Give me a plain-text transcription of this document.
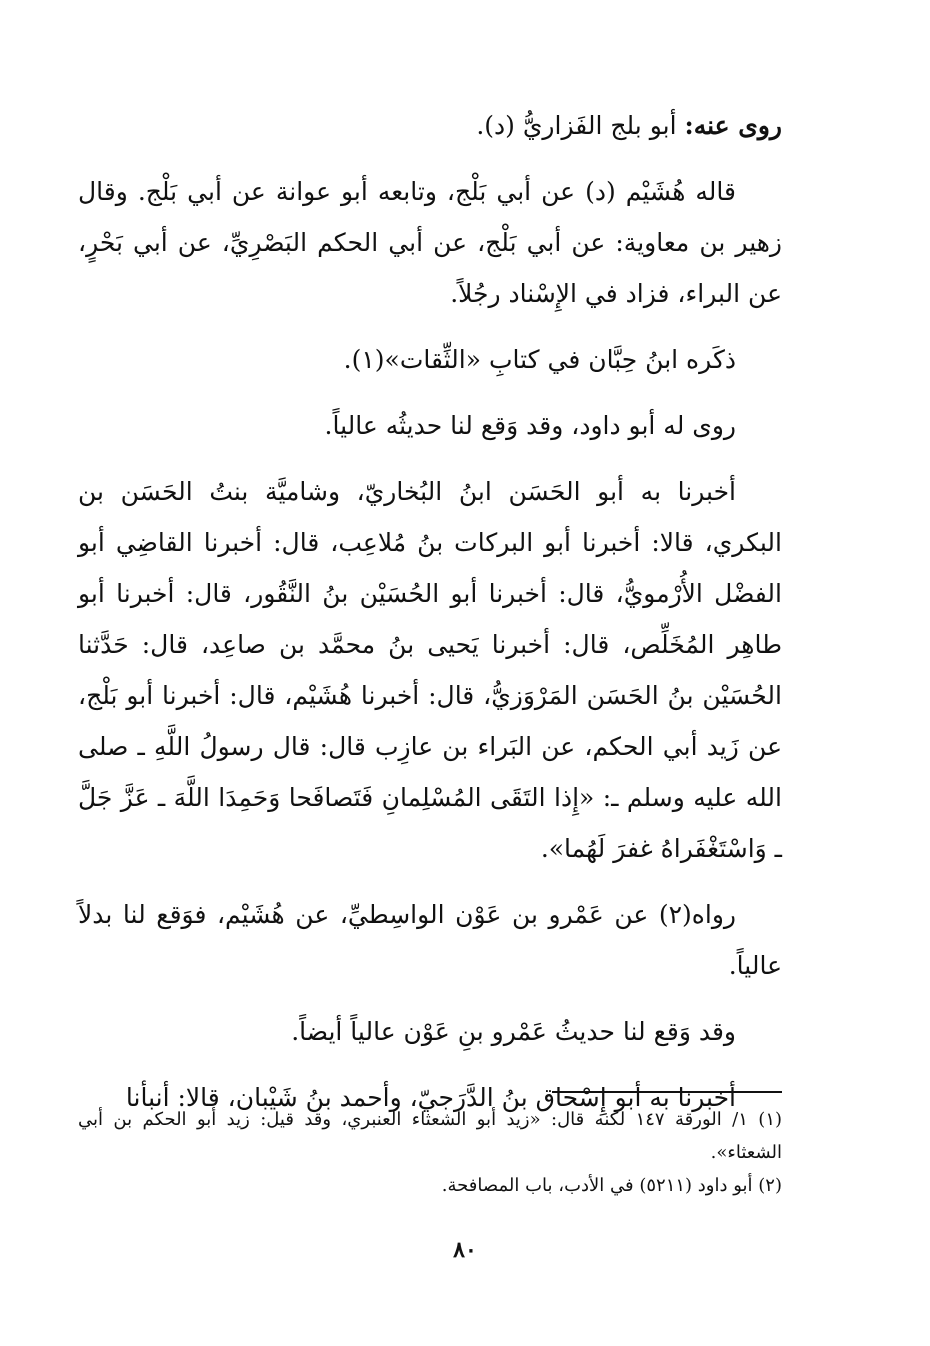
روى عنه: أبو بلج الفَزاريُّ (د).

قاله هُشَيْم (د) عن أبي بَلْج، وتابعه أبو عوانة عن أبي بَلْج. وقال زهير بن معاوية: عن أبي بَلْج، عن أبي الحكم البَصْرِيِّ، عن أبي بَحْرٍ، عن البراء، فزاد في الإِسْناد رجُلاً.

ذكَره ابنُ حِبَّان في كتابِ «الثِّقات»(١).

روى له أبو داود، وقد وَقع لنا حديثُه عالياً.

أخبرنا به أبو الحَسَن ابنُ البُخاريّ، وشاميَّة بنتُ الحَسَن بن البكري، قالا: أخبرنا أبو البركات بنُ مُلاعِب، قال: أخبرنا القاضِي أبو الفضْل الأُرْمويُّ، قال: أخبرنا أبو الحُسَيْن بنُ النَّقُور، قال: أخبرنا أبو طاهِر المُخَلِّص، قال: أخبرنا يَحيى بنُ محمَّد بن صاعِد، قال: حَدَّثنا الحُسَيْن بنُ الحَسَن المَرْوَزيُّ، قال: أخبرنا هُشَيْم، قال: أخبرنا أبو بَلْج، عن زَيد أبي الحكم، عن البَراء بن عازِب قال: قال رسولُ اللَّهِ ـ صلى الله عليه وسلم ـ: «إِذا التَقَى المُسْلِمانِ فَتَصافَحا وَحَمِدَا اللَّهَ ـ عَزَّ جَلَّ ـ وَاسْتَغْفَراهُ غفرَ لَهُما».

رواه(٢) عن عَمْرو بن عَوْن الواسِطيِّ، عن هُشَيْم، فوَقع لنا بدلاً عالياً.

وقد وَقع لنا حديثُ عَمْرو بنِ عَوْن عالياً أيضاً.

أخبرنا به أبو إِسْحاق بنُ الدَّرَجيّ، وأحمد بنُ شَيْبان، قالا: أنبأنا

(١) ١/ الورقة ١٤٧ لكنه قال: «زيد أبو الشعثاء العنبري، وقد قيل: زيد أبو الحكم بن أبي الشعثاء».

(٢) أبو داود (٥٢١١) في الأدب، باب المصافحة.

٨٠
